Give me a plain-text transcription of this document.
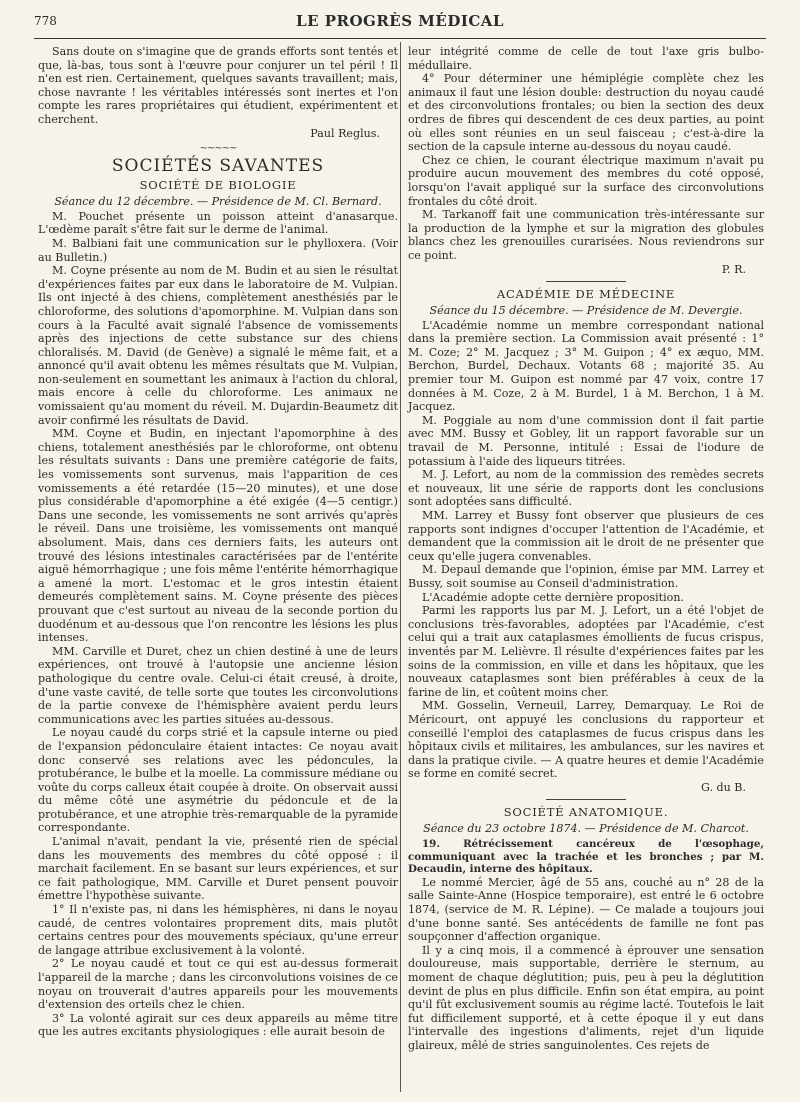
778	LE PROGRÈS MÉDICAL

Sans doute on s'imagine que de grands efforts sont tentés et que, là-bas, tous sont à l'œuvre pour conjurer un tel péril ! Il n'en est rien. Certainement, quelques savants travaillent; mais, chose navrante ! les véritables intéressés sont inertes et l'on compte les rares propriétaires qui étudient, expérimentent et cherchent.

Paul Reglus.

~~~~~
SOCIÉTÉS SAVANTES
SOCIÉTÉ DE BIOLOGIE
Séance du 12 décembre. — Présidence de M. Cl. Bernard.

M. Pouchet présente un poisson atteint d'anasarque. L'œdème paraît s'être fait sur le derme de l'animal.

M. Balbiani fait une communication sur le phylloxera. (Voir au Bulletin.)

M. Coyne présente au nom de M. Budin et au sien le résultat d'expériences faites par eux dans le laboratoire de M. Vulpian. Ils ont injecté à des chiens, complètement anesthésiés par le chloroforme, des solutions d'apomorphine. M. Vulpian dans son cours à la Faculté avait signalé l'absence de vomissements après des injections de cette substance sur des chiens chloralisés. M. David (de Genève) a signalé le même fait, et a annoncé qu'il avait obtenu les mêmes résultats que M. Vulpian, non-seulement en soumettant les animaux à l'action du chloral, mais encore à celle du chloroforme. Les animaux ne vomissaient qu'au moment du réveil. M. Dujardin-Beaumetz dit avoir confirmé les résultats de David.

MM. Coyne et Budin, en injectant l'apomorphine à des chiens, totalement anesthésiés par le chloroforme, ont obtenu les résultats suivants : Dans une première catégorie de faits, les vomissements sont survenus, mais l'apparition de ces vomissements a été retardée (15—20 minutes), et une dose plus considérable d'apomorphine a été exigée (4—5 centigr.) Dans une seconde, les vomissements ne sont arrivés qu'après le réveil. Dans une troisième, les vomissements ont manqué absolument. Mais, dans ces derniers faits, les auteurs ont trouvé des lésions intestinales caractérisées par de l'entérite aiguë hémorrhagique ; une fois même l'entérite hémorrhagique a amené la mort. L'estomac et le gros intestin étaient demeurés complètement sains. M. Coyne présente des pièces prouvant que c'est surtout au niveau de la seconde portion du duodénum et au-dessous que l'on rencontre les lésions les plus intenses.

MM. Carville et Duret, chez un chien destiné à une de leurs expériences, ont trouvé à l'autopsie une ancienne lésion pathologique du centre ovale. Celui-ci était creusé, à droite, d'une vaste cavité, de telle sorte que toutes les circonvolutions de la partie convexe de l'hémisphère avaient perdu leurs communications avec les parties situées au-dessous.

Le noyau caudé du corps strié et la capsule interne ou pied de l'expansion pédonculaire étaient intactes: Ce noyau avait donc conservé ses relations avec les pédoncules, la protubérance, le bulbe et la moelle. La commissure médiane ou voûte du corps calleux était coupée à droite. On observait aussi du même côté une asymétrie du pédoncule et de la protubérance, et une atrophie très-remarquable de la pyramide correspondante.

L'animal n'avait, pendant la vie, présenté rien de spécial dans les mouvements des membres du côté opposé : il marchait facilement. En se basant sur leurs expériences, et sur ce fait pathologique, MM. Carville et Duret pensent pouvoir émettre l'hypothèse suivante.

1° Il n'existe pas, ni dans les hémisphères, ni dans le noyau caudé, de centres volontaires proprement dits, mais plutôt certains centres pour des mouvements spéciaux, qu'une erreur de langage attribue exclusivement à la volonté.

2° Le noyau caudé et tout ce qui est au-dessus formerait l'appareil de la marche ; dans les circonvolutions voisines de ce noyau on trouverait d'autres appareils pour les mouvements d'extension des orteils chez le chien.

3° La volonté agirait sur ces deux appareils au même titre que les autres excitants physiologiques : elle aurait besoin de

leur intégrité comme de celle de tout l'axe gris bulbo-médullaire.

4° Pour déterminer une hémiplégie complète chez les animaux il faut une lésion double: destruction du noyau caudé et des circonvolutions frontales; ou bien la section des deux ordres de fibres qui descendent de ces deux parties, au point où elles sont réunies en un seul faisceau ; c'est-à-dire la section de la capsule interne au-dessous du noyau caudé.

Chez ce chien, le courant électrique maximum n'avait pu produire aucun mouvement des membres du coté opposé, lorsqu'on l'avait appliqué sur la surface des circonvolutions frontales du côté droit.

M. Tarkanoff fait une communication très-intéressante sur la production de la lymphe et sur la migration des globules blancs chez les grenouilles curarisées. Nous reviendrons sur ce point.

P. R.

ACADÉMIE DE MÉDECINE
Séance du 15 décembre. — Présidence de M. Devergie.

L'Académie nomme un membre correspondant national dans la première section. La Commission avait présenté : 1° M. Coze; 2° M. Jacquez ; 3° M. Guipon ; 4° ex æquo, MM. Berchon, Burdel, Dechaux. Votants 68 ; majorité 35. Au premier tour M. Guipon est nommé par 47 voix, contre 17 données à M. Coze, 2 à M. Burdel, 1 à M. Berchon, 1 à M. Jacquez.

M. Poggiale au nom d'une commission dont il fait partie avec MM. Bussy et Gobley, lit un rapport favorable sur un travail de M. Personne, intitulé : Essai de l'iodure de potassium à l'aide des liqueurs titrées.

M. J. Lefort, au nom de la commission des remèdes secrets et nouveaux, lit une série de rapports dont les conclusions sont adoptées sans difficulté.

MM. Larrey et Bussy font observer que plusieurs de ces rapports sont indignes d'occuper l'attention de l'Académie, et demandent que la commission ait le droit de ne présenter que ceux qu'elle jugera convenables.

M. Depaul demande que l'opinion, émise par MM. Larrey et Bussy, soit soumise au Conseil d'administration.

L'Académie adopte cette dernière proposition.

Parmi les rapports lus par M. J. Lefort, un a été l'objet de conclusions très-favorables, adoptées par l'Académie, c'est celui qui a trait aux cataplasmes émollients de fucus crispus, inventés par M. Lelièvre. Il résulte d'expériences faites par les soins de la commission, en ville et dans les hôpitaux, que les nouveaux cataplasmes sont bien préférables à ceux de la farine de lin, et coûtent moins cher.

MM. Gosselin, Verneuil, Larrey, Demarquay. Le Roi de Méricourt, ont appuyé les conclusions du rapporteur et conseillé l'emploi des cataplasmes de fucus crispus dans les hôpitaux civils et militaires, les ambulances, sur les navires et dans la pratique civile. — A quatre heures et demie l'Académie se forme en comité secret.

G. du B.

SOCIÉTÉ ANATOMIQUE.
Séance du 23 octobre 1874. — Présidence de M. Charcot.
19. Rétrécissement cancéreux de l'œsophage, communiquant avec la trachée et les bronches ; par M. Decaudin, interne des hôpitaux.

Le nommé Mercier, âgé de 55 ans, couché au n° 28 de la salle Sainte-Anne (Hospice temporaire), est entré le 6 octobre 1874, (service de M. R. Lépine). — Ce malade a toujours joui d'une bonne santé. Ses antécédents de famille ne font pas soupçonner d'affection organique.

Il y a cinq mois, il a commencé à éprouver une sensation douloureuse, mais supportable, derrière le sternum, au moment de chaque déglutition; puis, peu à peu la déglutition devint de plus en plus difficile. Enfin son état empira, au point qu'il fût exclusivement soumis au régime lacté. Toutefois le lait fut difficilement supporté, et à cette époque il y eut dans l'intervalle des ingestions d'aliments, rejet d'un liquide glaireux, mêlé de stries sanguinolentes. Ces rejets de
